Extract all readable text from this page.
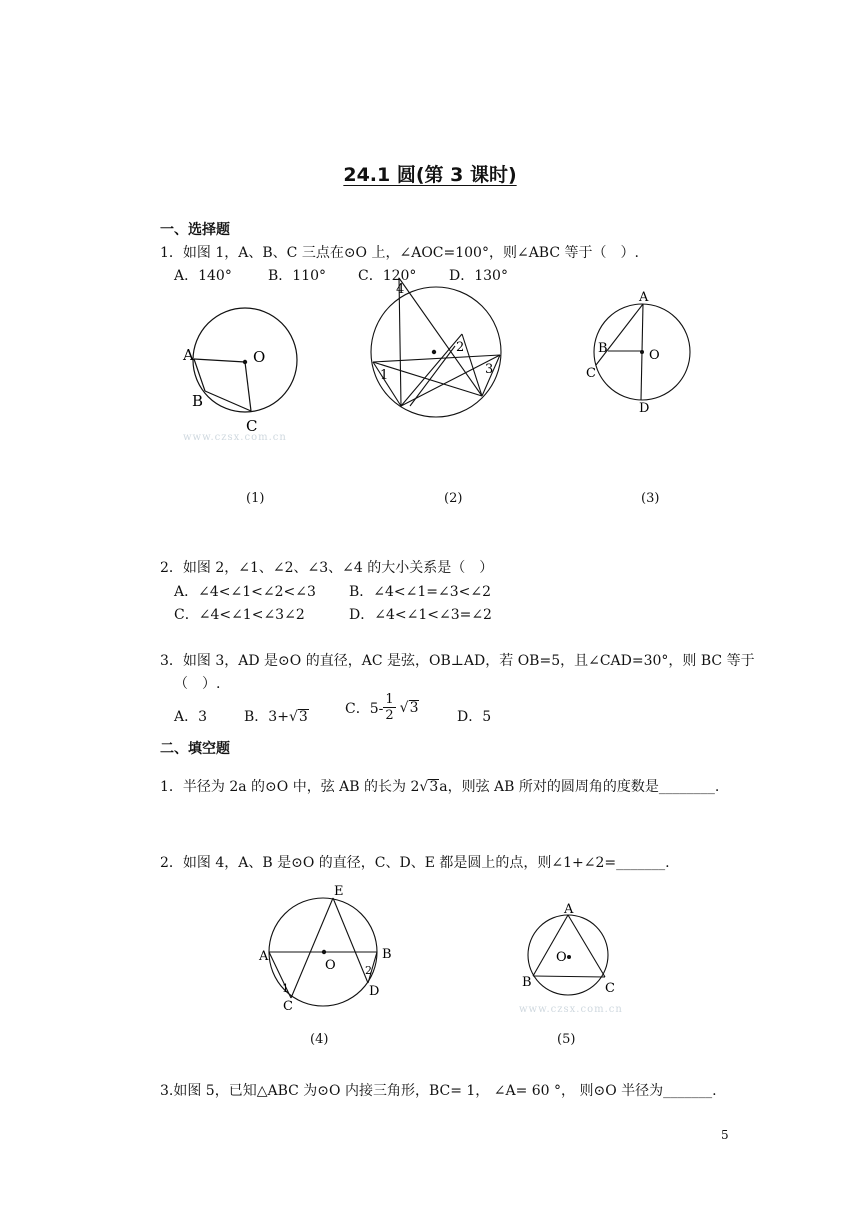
24.1 圆(第 3 课时)
一、选择题
1．如图 1，A、B、C 三点在⊙O 上，∠AOC=100°，则∠ABC 等于（　）.
A．140°	B．110° C．120° D．130°
A	O
B
C
www.czsx.com.cn
(1)
4
2
1	3
(2)
A
B	O
C
D
(3)
2．如图 2，∠1、∠2、∠3、∠4 的大小关系是（　）
A．∠4<∠1<∠2<∠3 B．∠4<∠1=∠3<∠2
C．∠4<∠1<∠3∠2	D．∠4<∠1<∠3=∠2
3．如图 3，AD 是⊙O 的直径，AC 是弦，OB⊥AD，若 OB=5，且∠CAD=30°，则 BC 等于
（　）.
A．3	B．3+√3
C．$5- \frac{1}{2}$ √ 3
D．5
二、填空题
1．半径为 2a 的⊙O 中，弦 AB 的长为 2√3a，则弦 AB 所对的圆周角的度数是________.
2．如图 4，A、B 是⊙O 的直径，C、D、E 都是圆上的点，则∠1+∠2=_______.
E
A
O
B
1
2
C
D
(4)
A
O
B	C
www.czsx.com.cn
(5)
3.如图 5，已知△ABC 为⊙O 内接三角形，BC= 1， ∠A= 60 °， 则⊙O 半径为_______.
5
